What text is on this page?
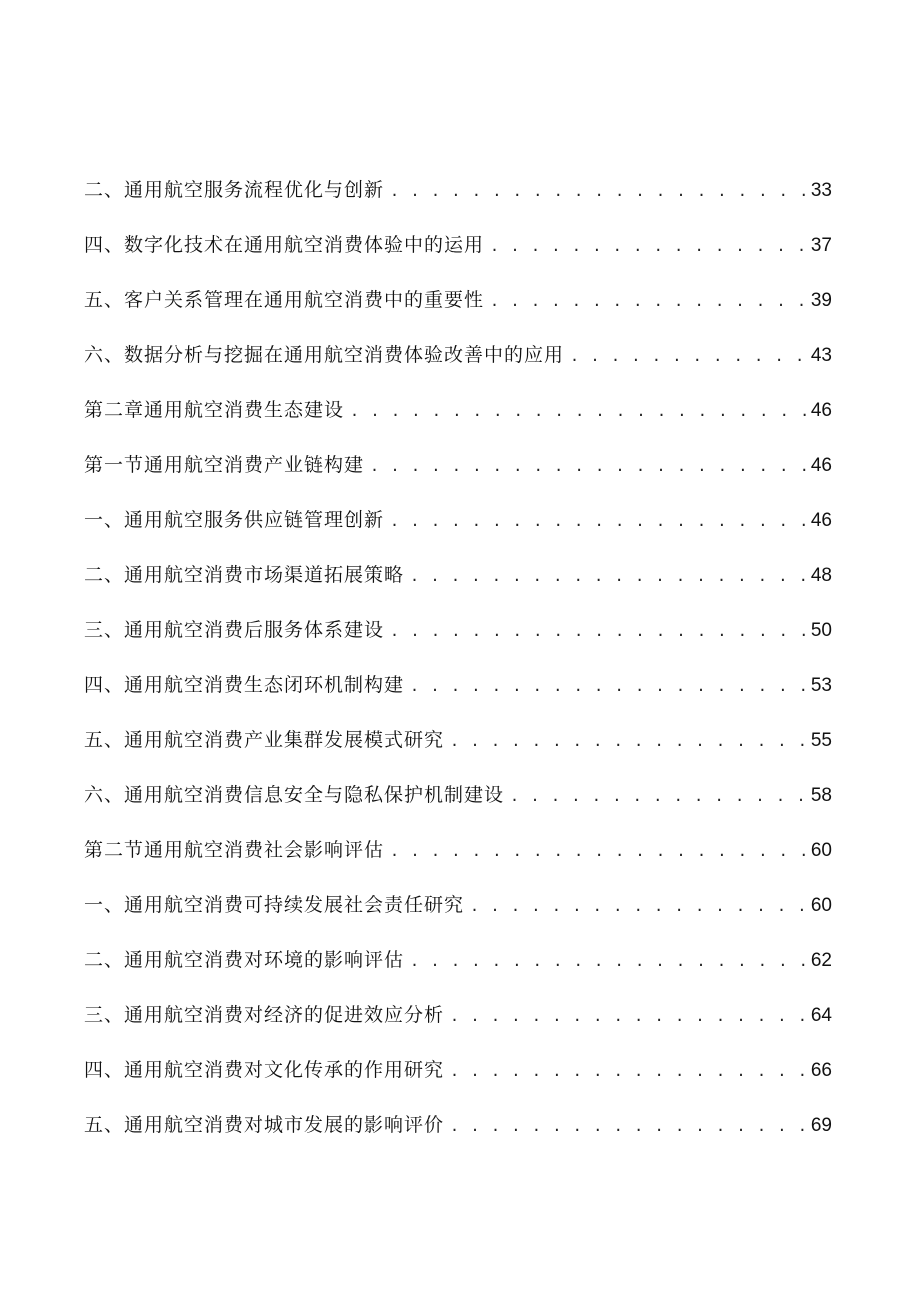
二、通用航空服务流程优化与创新 . . .	33
四、数字化技术在通用航空消费体验中的运用 . . .	37
五、客户关系管理在通用航空消费中的重要性 . . .	39
六、数据分析与挖掘在通用航空消费体验改善中的应用 . . .	43
第二章通用航空消费生态建设 . . .	46
第一节通用航空消费产业链构建 . . .	46
一、通用航空服务供应链管理创新 . . .	46
二、通用航空消费市场渠道拓展策略 . . .	48
三、通用航空消费后服务体系建设 . . .	50
四、通用航空消费生态闭环机制构建 . . .	53
五、通用航空消费产业集群发展模式研究 . . .	55
六、通用航空消费信息安全与隐私保护机制建设 . . .	58
第二节通用航空消费社会影响评估 . . .	60
一、通用航空消费可持续发展社会责任研究 . . .	60
二、通用航空消费对环境的影响评估 . . .	62
三、通用航空消费对经济的促进效应分析 . . .	64
四、通用航空消费对文化传承的作用研究 . . .	66
五、通用航空消费对城市发展的影响评价 . . .	69
